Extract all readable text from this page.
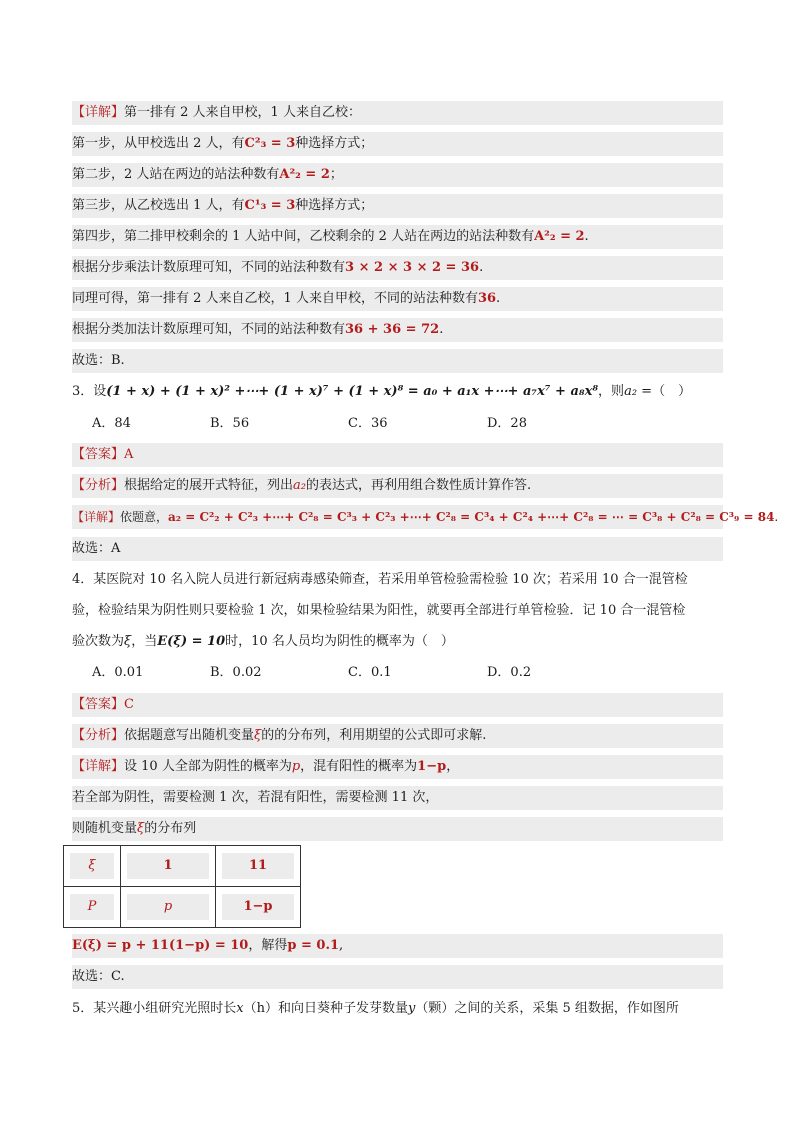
【详解】第一排有 2 人来自甲校，1 人来自乙校：
第一步，从甲校选出 2 人，有C²₃ = 3种选择方式；
第二步，2 人站在两边的站法种数有A²₂ = 2；
第三步，从乙校选出 1 人，有C¹₃ = 3种选择方式；
第四步，第二排甲校剩余的 1 人站中间，乙校剩余的 2 人站在两边的站法种数有A²₂ = 2.
根据分步乘法计数原理可知，不同的站法种数有3 × 2 × 3 × 2 = 36.
同理可得，第一排有 2 人来自乙校，1 人来自甲校，不同的站法种数有36.
根据分类加法计数原理可知，不同的站法种数有36 + 36 = 72.
故选：B.
3．设(1 + x) + (1 + x)² +⋯+ (1 + x)⁷ + (1 + x)⁸ = a₀ + a₁x +⋯+ a₇x⁷ + a₈x⁸，则a₂ =（　）
A．84	B．56	C．36	D．28
【答案】A
【分析】根据给定的展开式特征，列出a₂的表达式，再利用组合数性质计算作答.
【详解】依题意，a₂ = C²₂ + C²₃ +⋯+ C²₈ = C³₃ + C²₃ +⋯+ C²₈ = C³₄ + C²₄ +⋯+ C²₈ = ⋯ = C³₈ + C²₈ = C³₉ = 84.
故选：A
4．某医院对 10 名入院人员进行新冠病毒感染筛查，若采用单管检验需检验 10 次；若采用 10 合一混管检
验，检验结果为阴性则只要检验 1 次，如果检验结果为阳性，就要再全部进行单管检验．记 10 合一混管检
验次数为ξ，当E(ξ) = 10时，10 名人员均为阴性的概率为（　）
A．0.01	B．0.02	C．0.1	D．0.2
【答案】C
【分析】依据题意写出随机变量ξ的的分布列，利用期望的公式即可求解.
【详解】设 10 人全部为阴性的概率为p，混有阳性的概率为1−p，
若全部为阴性，需要检测 1 次，若混有阳性，需要检测 11 次，
则随机变量ξ的分布列
ξ	1	11
P	p	1−p
E(ξ) = p + 11(1−p) = 10，解得p = 0.1,
故选：C.
5．某兴趣小组研究光照时长x（h）和向日葵种子发芽数量y（颗）之间的关系，采集 5 组数据，作如图所
